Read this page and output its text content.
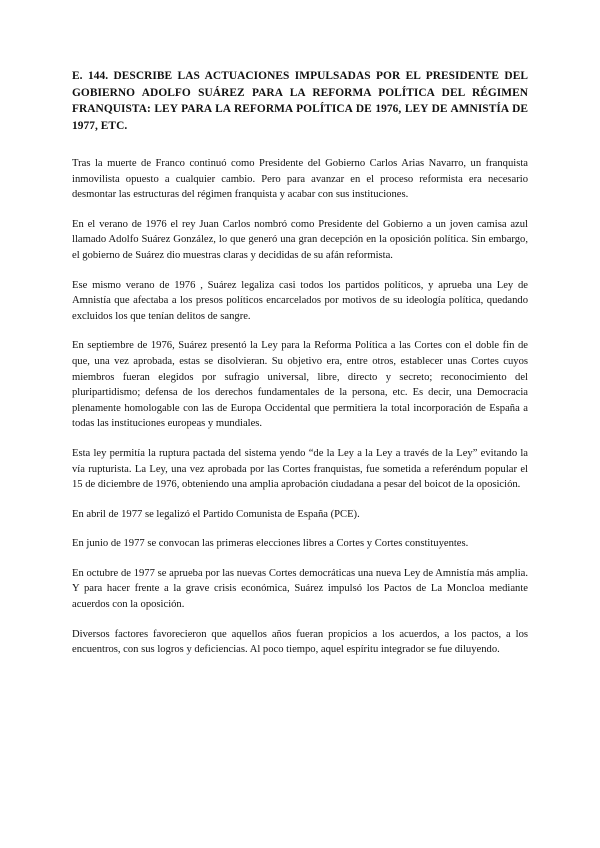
E. 144. DESCRIBE LAS ACTUACIONES IMPULSADAS POR EL PRESIDENTE DEL GOBIERNO ADOLFO SUÁREZ PARA LA REFORMA POLÍTICA DEL RÉGIMEN FRANQUISTA: LEY PARA LA REFORMA POLÍTICA DE 1976, LEY DE AMNISTÍA DE 1977, ETC.

Tras la muerte de Franco continuó como Presidente del Gobierno Carlos Arias Navarro, un franquista inmovilista opuesto a cualquier cambio. Pero para avanzar en el proceso reformista era necesario desmontar las estructuras del régimen franquista y acabar con sus instituciones.

En el verano de 1976 el rey Juan Carlos nombró como Presidente del Gobierno a un joven camisa azul llamado Adolfo Suárez González, lo que generó una gran decepción en la oposición política. Sin embargo, el gobierno de Suárez dio muestras claras y decididas de su afán reformista.

Ese mismo verano de 1976 , Suárez legaliza casi todos los partidos políticos, y aprueba una Ley de Amnistía que afectaba a los presos políticos encarcelados por motivos de su ideología política, quedando excluidos los que tenían delitos de sangre.

En septiembre de 1976, Suárez presentó la Ley para la Reforma Política a las Cortes con el doble fin de que, una vez aprobada, estas se disolvieran. Su objetivo era, entre otros, establecer unas Cortes cuyos miembros fueran elegidos por sufragio universal, libre, directo y secreto; reconocimiento del pluripartidismo; defensa de los derechos fundamentales de la persona, etc. Es decir, una Democracia plenamente homologable con las de Europa Occidental que permitiera la total incorporación de España a todas las instituciones europeas y mundiales.

Esta ley permitía la ruptura pactada del sistema yendo “de la Ley a la Ley a través de la Ley” evitando la vía rupturista. La Ley, una vez aprobada por las Cortes franquistas, fue sometida a referéndum popular el 15 de diciembre de 1976, obteniendo una amplia aprobación ciudadana a pesar del boicot de la oposición.

En abril de 1977 se legalizó el Partido Comunista de España (PCE).

En junio de 1977 se convocan las primeras elecciones libres a Cortes y Cortes constituyentes.

En octubre de 1977 se aprueba por las nuevas Cortes democráticas una nueva Ley de Amnistía más amplia. Y para hacer frente a la grave crisis económica, Suárez impulsó los Pactos de La Moncloa mediante acuerdos con la oposición.

Diversos factores favorecieron que aquellos años fueran propicios a los acuerdos, a los pactos, a los encuentros, con sus logros y deficiencias. Al poco tiempo, aquel espíritu integrador se fue diluyendo.
